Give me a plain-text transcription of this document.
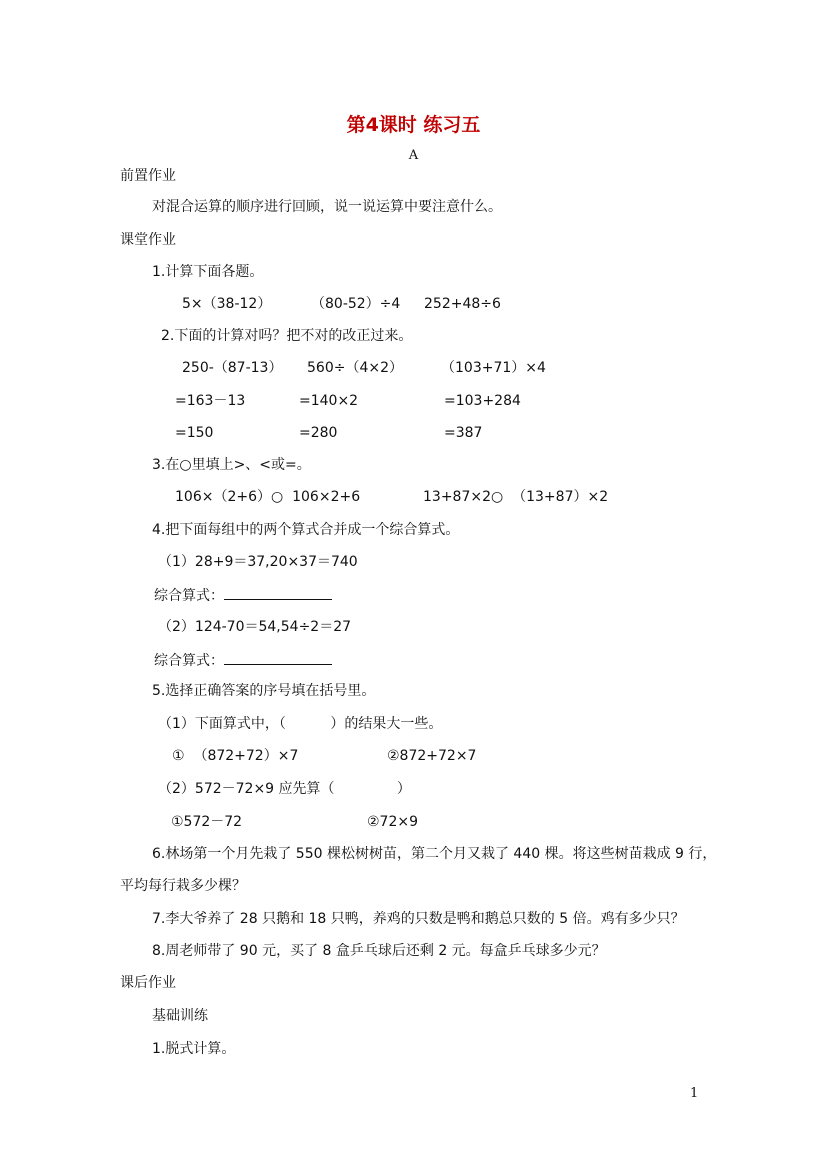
第4课时 练习五
A
前置作业
对混合运算的顺序进行回顾，说一说运算中要注意什么。
课堂作业
1.计算下面各题。
5×（38-12）	（80-52）÷4 252+48÷6
2.下面的计算对吗？把不对的改正过来。
250-（87-13） 560÷（4×2）	（103+71）×4
=163－13	=140×2	=103+284
=150	=280	=387
3.在○里填上>、<或=。
106×（2+6）○  106×2+6	13+87×2○  （13+87）×2
4.把下面每组中的两个算式合并成一个综合算式。
（1）28+9＝37,20×37＝740
综合算式：
（2）124-70＝54,54÷2＝27
综合算式：
5.选择正确答案的序号填在括号里。
（1）下面算式中，（          ）的结果大一些。
①  （872+72）×7	②872+72×7
（2）572－72×9 应先算（              ）
①572－72	②72×9
6.林场第一个月先栽了 550 棵松树树苗，第二个月又栽了 440 棵。将这些树苗栽成 9 行，
平均每行栽多少棵？
7.李大爷养了 28 只鹅和 18 只鸭，养鸡的只数是鸭和鹅总只数的 5 倍。鸡有多少只？
8.周老师带了 90 元，买了 8 盒乒乓球后还剩 2 元。每盒乒乓球多少元？
课后作业
基础训练
1.脱式计算。
1
